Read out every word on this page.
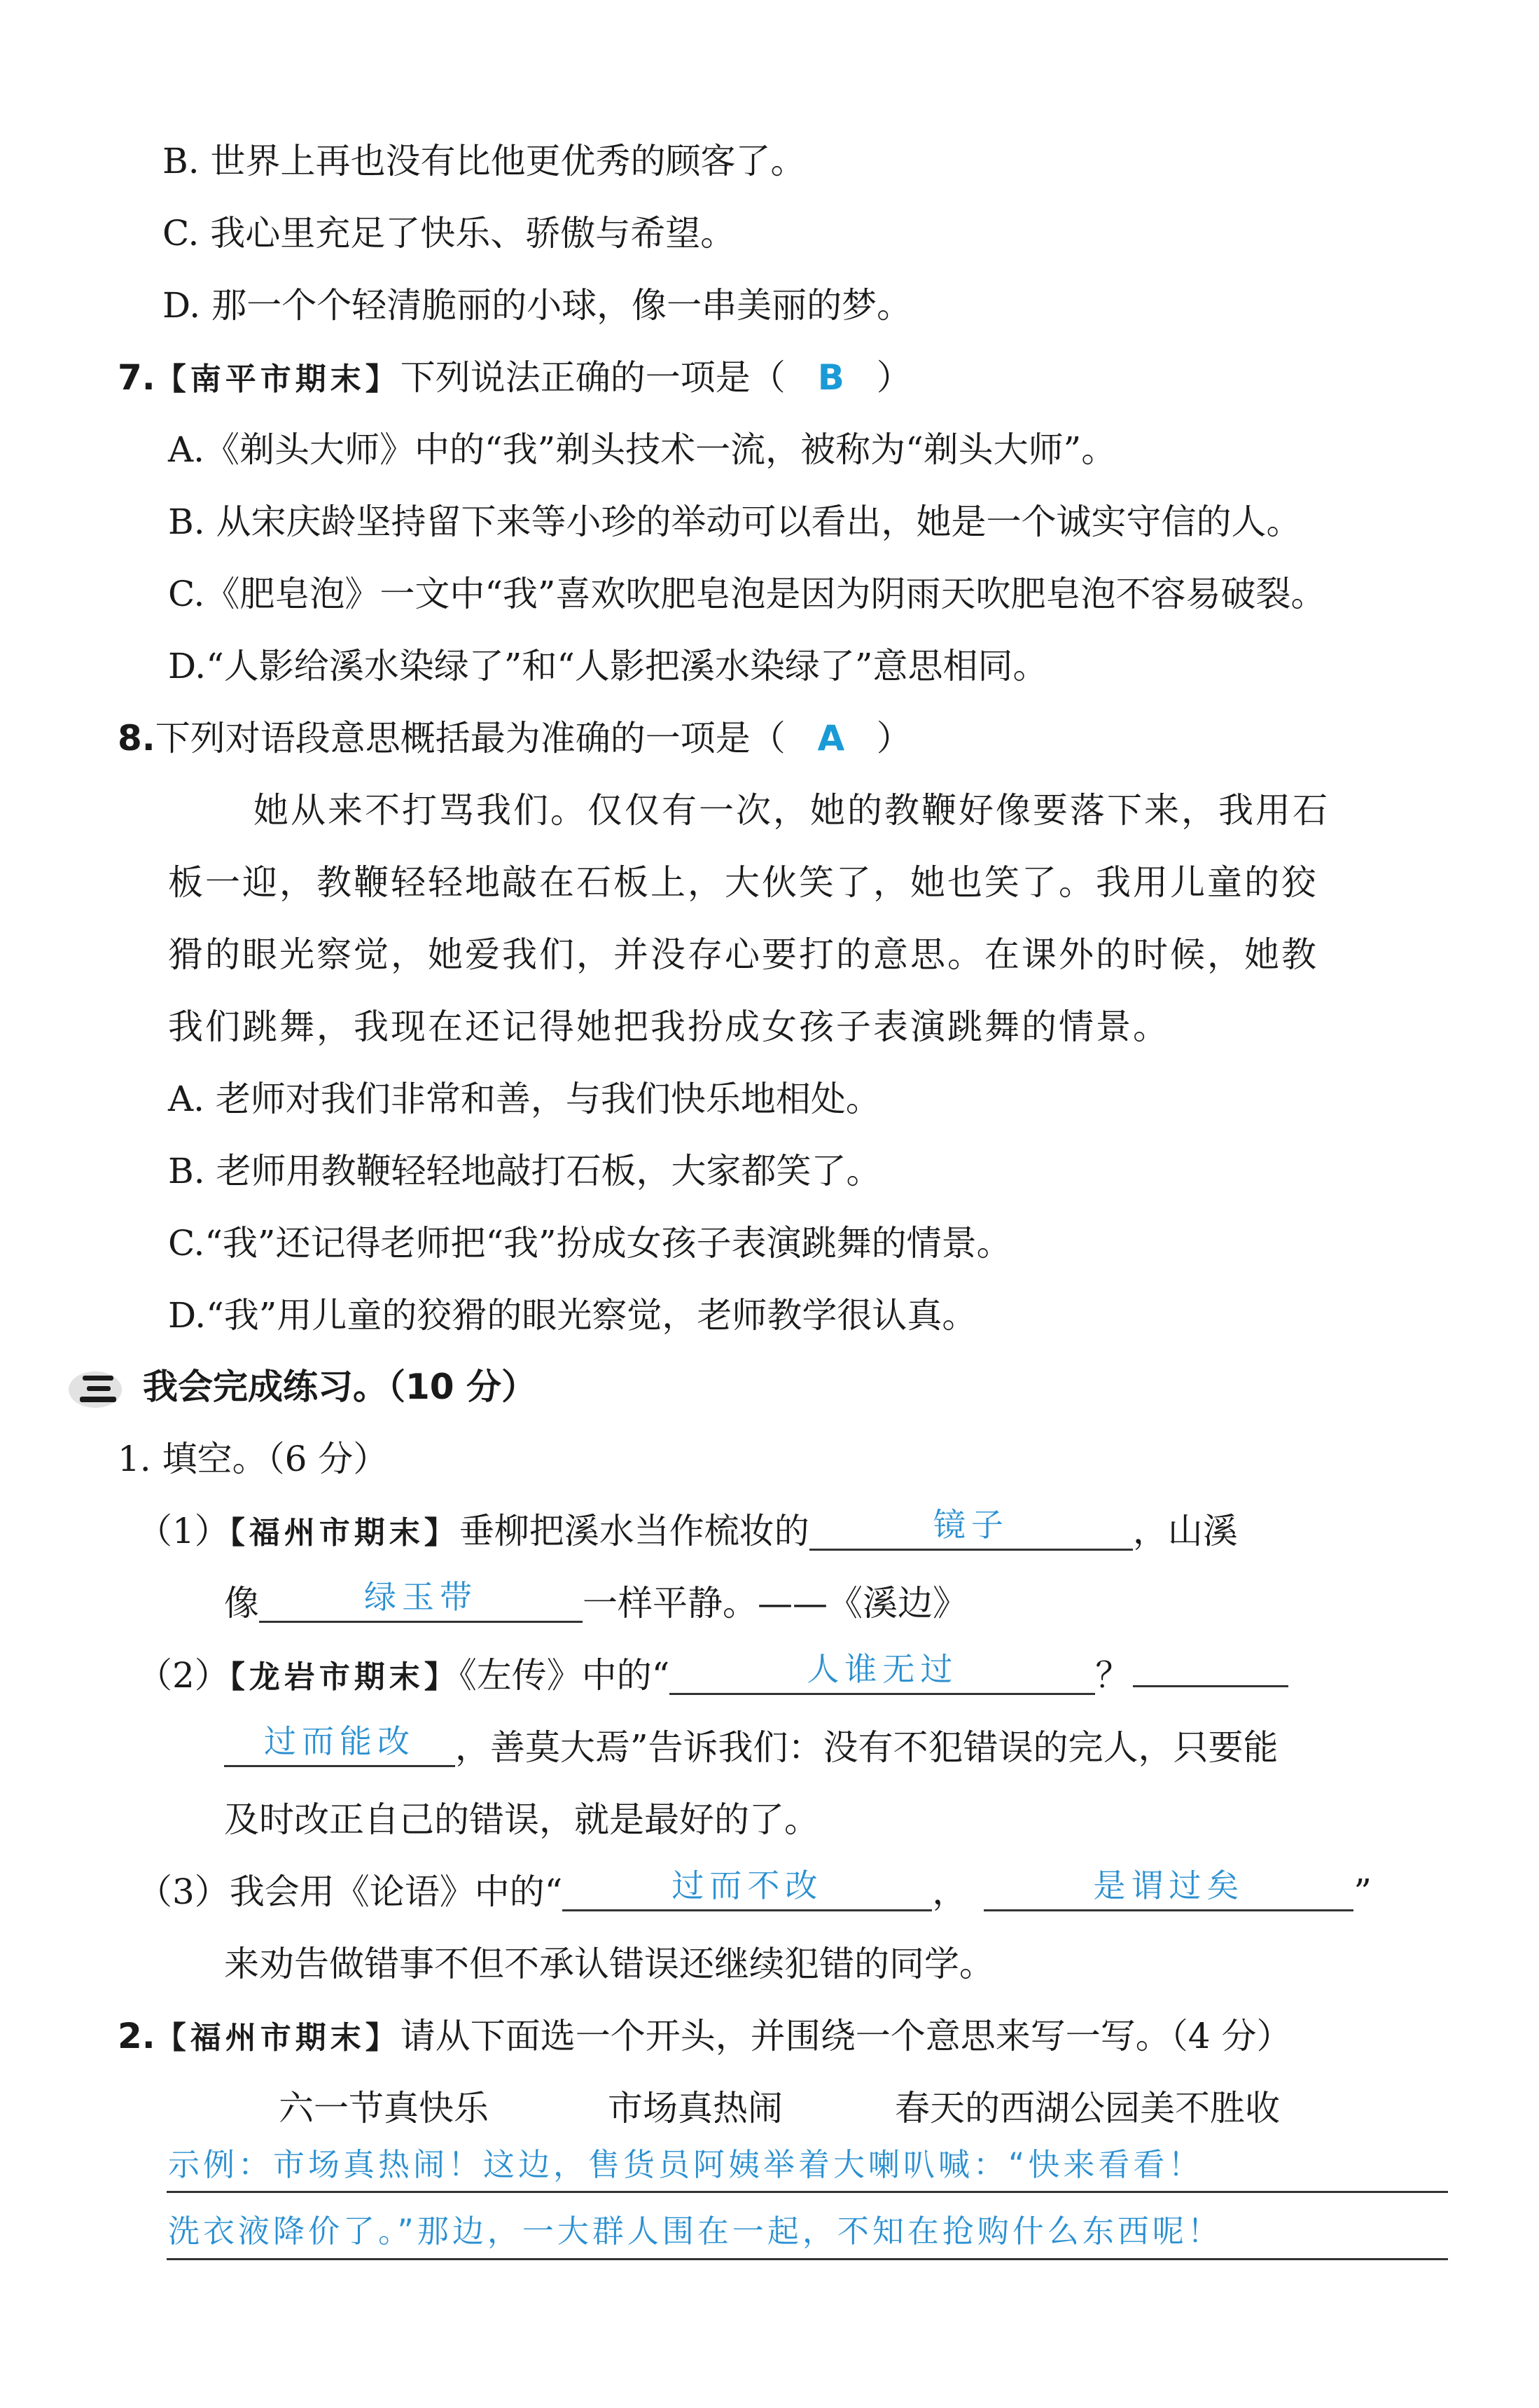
B. 世界上再也没有比他更优秀的顾客了。
C. 我心里充足了快乐、骄傲与希望。
D. 那一个个轻清脆丽的小球，像一串美丽的梦。
7.【南平市期末】下列说法正确的一项是（ B ）
A.《剃头大师》中的“我”剃头技术一流，被称为“剃头大师”。
B. 从宋庆龄坚持留下来等小珍的举动可以看出，她是一个诚实守信的人。
C.《肥皂泡》一文中“我”喜欢吹肥皂泡是因为阴雨天吹肥皂泡不容易破裂。
D.“人影给溪水染绿了”和“人影把溪水染绿了”意思相同。
8.下列对语段意思概括最为准确的一项是（ A ）
她从来不打骂我们。仅仅有一次，她的教鞭好像要落下来，我用石
板一迎，教鞭轻轻地敲在石板上，大伙笑了，她也笑了。我用儿童的狡
猾的眼光察觉，她爱我们，并没存心要打的意思。在课外的时候，她教
我们跳舞，我现在还记得她把我扮成女孩子表演跳舞的情景。
A. 老师对我们非常和善，与我们快乐地相处。
B. 老师用教鞭轻轻地敲打石板，大家都笑了。
C.“我”还记得老师把“我”扮成女孩子表演跳舞的情景。
D.“我”用儿童的狡猾的眼光察觉，老师教学很认真。
我会完成练习。（10 分）
1. 填空。（6 分）
（1）【福州市期末】垂柳把溪水当作梳妆的	镜子	，山溪
像	绿玉带	一样平静。——《溪边》
（2）【龙岩市期末】《左传》中的“	人谁无过	？
过而能改 ，善莫大焉”告诉我们：没有不犯错误的完人，只要能
及时改正自己的错误，就是最好的了。
（3）我会用《论语》中的“	过而不改	，	是谓过矣	”
来劝告做错事不但不承认错误还继续犯错的同学。
2.【福州市期末】请从下面选一个开头，并围绕一个意思来写一写。（4 分）
六一节真快乐	市场真热闹	春天的西湖公园美不胜收
示例：市场真热闹！这边，售货员阿姨举着大喇叭喊：“快来看看！
洗衣液降价了。”那边，一大群人围在一起，不知在抢购什么东西呢！
